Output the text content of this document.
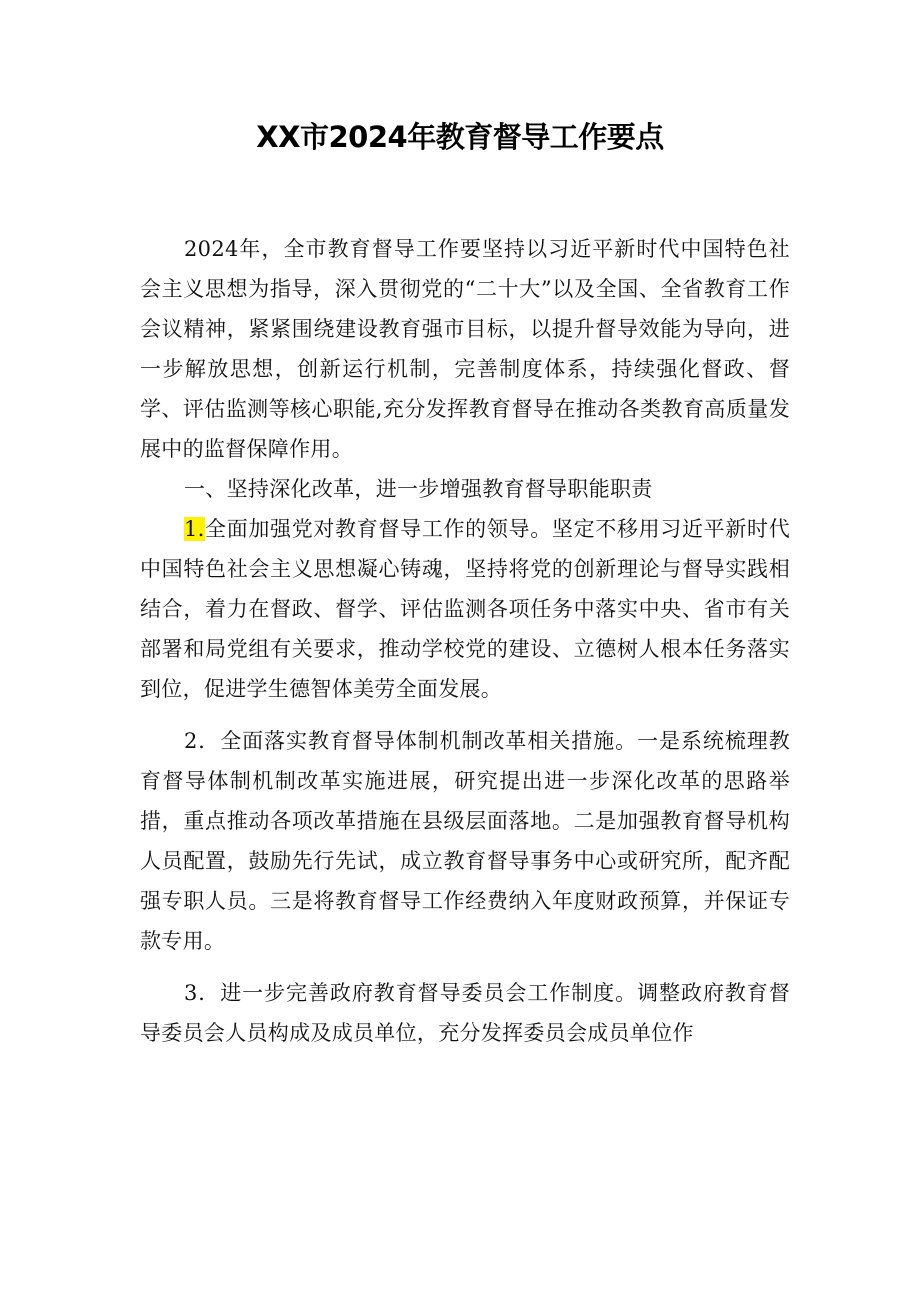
XX市2024年教育督导工作要点

2024年，全市教育督导工作要坚持以习近平新时代中国特色社会主义思想为指导，深入贯彻党的“二十大”以及全国、全省教育工作会议精神，紧紧围绕建设教育强市目标，以提升督导效能为导向，进一步解放思想，创新运行机制，完善制度体系，持续强化督政、督学、评估监测等核心职能,充分发挥教育督导在推动各类教育高质量发展中的监督保障作用。

一、坚持深化改革，进一步增强教育督导职能职责

1.全面加强党对教育督导工作的领导。坚定不移用习近平新时代中国特色社会主义思想凝心铸魂，坚持将党的创新理论与督导实践相结合，着力在督政、督学、评估监测各项任务中落实中央、省市有关部署和局党组有关要求，推动学校党的建设、立德树人根本任务落实到位，促进学生德智体美劳全面发展。

2．全面落实教育督导体制机制改革相关措施。一是系统梳理教育督导体制机制改革实施进展，研究提出进一步深化改革的思路举措，重点推动各项改革措施在县级层面落地。二是加强教育督导机构人员配置，鼓励先行先试，成立教育督导事务中心或研究所，配齐配强专职人员。三是将教育督导工作经费纳入年度财政预算，并保证专款专用。

3．进一步完善政府教育督导委员会工作制度。调整政府教育督导委员会人员构成及成员单位，充分发挥委员会成员单位作
